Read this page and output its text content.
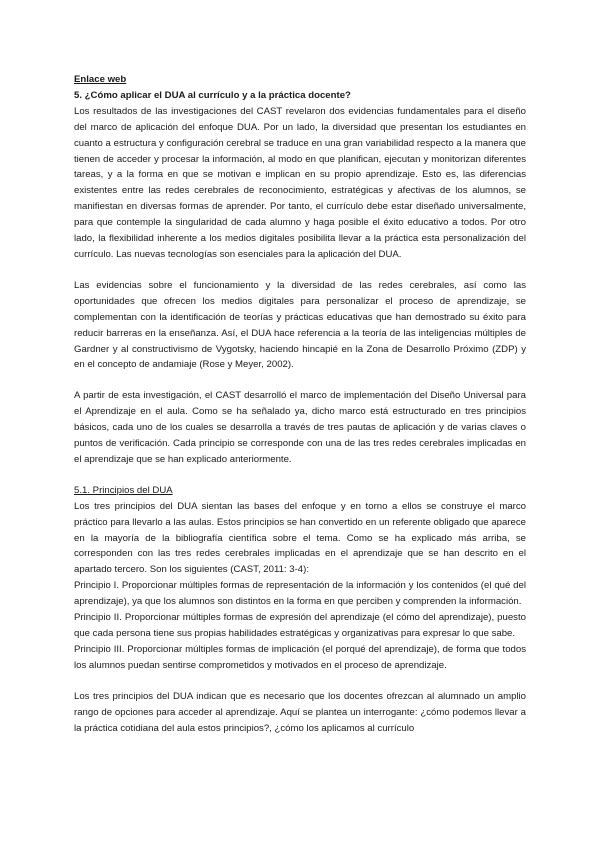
Enlace web

5. ¿Cómo aplicar el DUA al currículo y a la práctica docente?

Los resultados de las investigaciones del CAST revelaron dos evidencias fundamentales para el diseño del marco de aplicación del enfoque DUA. Por un lado, la diversidad que presentan los estudiantes en cuanto a estructura y configuración cerebral se traduce en una gran variabilidad respecto a la manera que tienen de acceder y procesar la información, al modo en que planifican, ejecutan y monitorizan diferentes tareas, y a la forma en que se motivan e implican en su propio aprendizaje. Esto es, las diferencias existentes entre las redes cerebrales de reconocimiento, estratégicas y afectivas de los alumnos, se manifiestan en diversas formas de aprender. Por tanto, el currículo debe estar diseñado universalmente, para que contemple la singularidad de cada alumno y haga posible el éxito educativo a todos. Por otro lado, la flexibilidad inherente a los medios digitales posibilita llevar a la práctica esta personalización del currículo. Las nuevas tecnologías son esenciales para la aplicación del DUA.

Las evidencias sobre el funcionamiento y la diversidad de las redes cerebrales, así como las oportunidades que ofrecen los medios digitales para personalizar el proceso de aprendizaje, se complementan con la identificación de teorías y prácticas educativas que han demostrado su éxito para reducir barreras en la enseñanza. Así, el DUA hace referencia a la teoría de las inteligencias múltiples de Gardner y al constructivismo de Vygotsky, haciendo hincapié en la Zona de Desarrollo Próximo (ZDP) y en el concepto de andamiaje (Rose y Meyer, 2002).

A partir de esta investigación, el CAST desarrolló el marco de implementación del Diseño Universal para el Aprendizaje en el aula. Como se ha señalado ya, dicho marco está estructurado en tres principios básicos, cada uno de los cuales se desarrolla a través de tres pautas de aplicación y de varias claves o puntos de verificación. Cada principio se corresponde con una de las tres redes cerebrales implicadas en el aprendizaje que se han explicado anteriormente.

5.1. Principios del DUA

Los tres principios del DUA sientan las bases del enfoque y en torno a ellos se construye el marco práctico para llevarlo a las aulas. Estos principios se han convertido en un referente obligado que aparece en la mayoría de la bibliografía científica sobre el tema. Como se ha explicado más arriba, se corresponden con las tres redes cerebrales implicadas en el aprendizaje que se han descrito en el apartado tercero. Son los siguientes (CAST, 2011: 3-4):

Principio I. Proporcionar múltiples formas de representación de la información y los contenidos (el qué del aprendizaje), ya que los alumnos son distintos en la forma en que perciben y comprenden la información.

Principio II. Proporcionar múltiples formas de expresión del aprendizaje (el cómo del aprendizaje), puesto que cada persona tiene sus propias habilidades estratégicas y organizativas para expresar lo que sabe.

Principio III. Proporcionar múltiples formas de implicación (el porqué del aprendizaje), de forma que todos los alumnos puedan sentirse comprometidos y motivados en el proceso de aprendizaje.

Los tres principios del DUA indican que es necesario que los docentes ofrezcan al alumnado un amplio rango de opciones para acceder al aprendizaje. Aquí se plantea un interrogante: ¿cómo podemos llevar a la práctica cotidiana del aula estos principios?, ¿cómo los aplicamos al currículo
